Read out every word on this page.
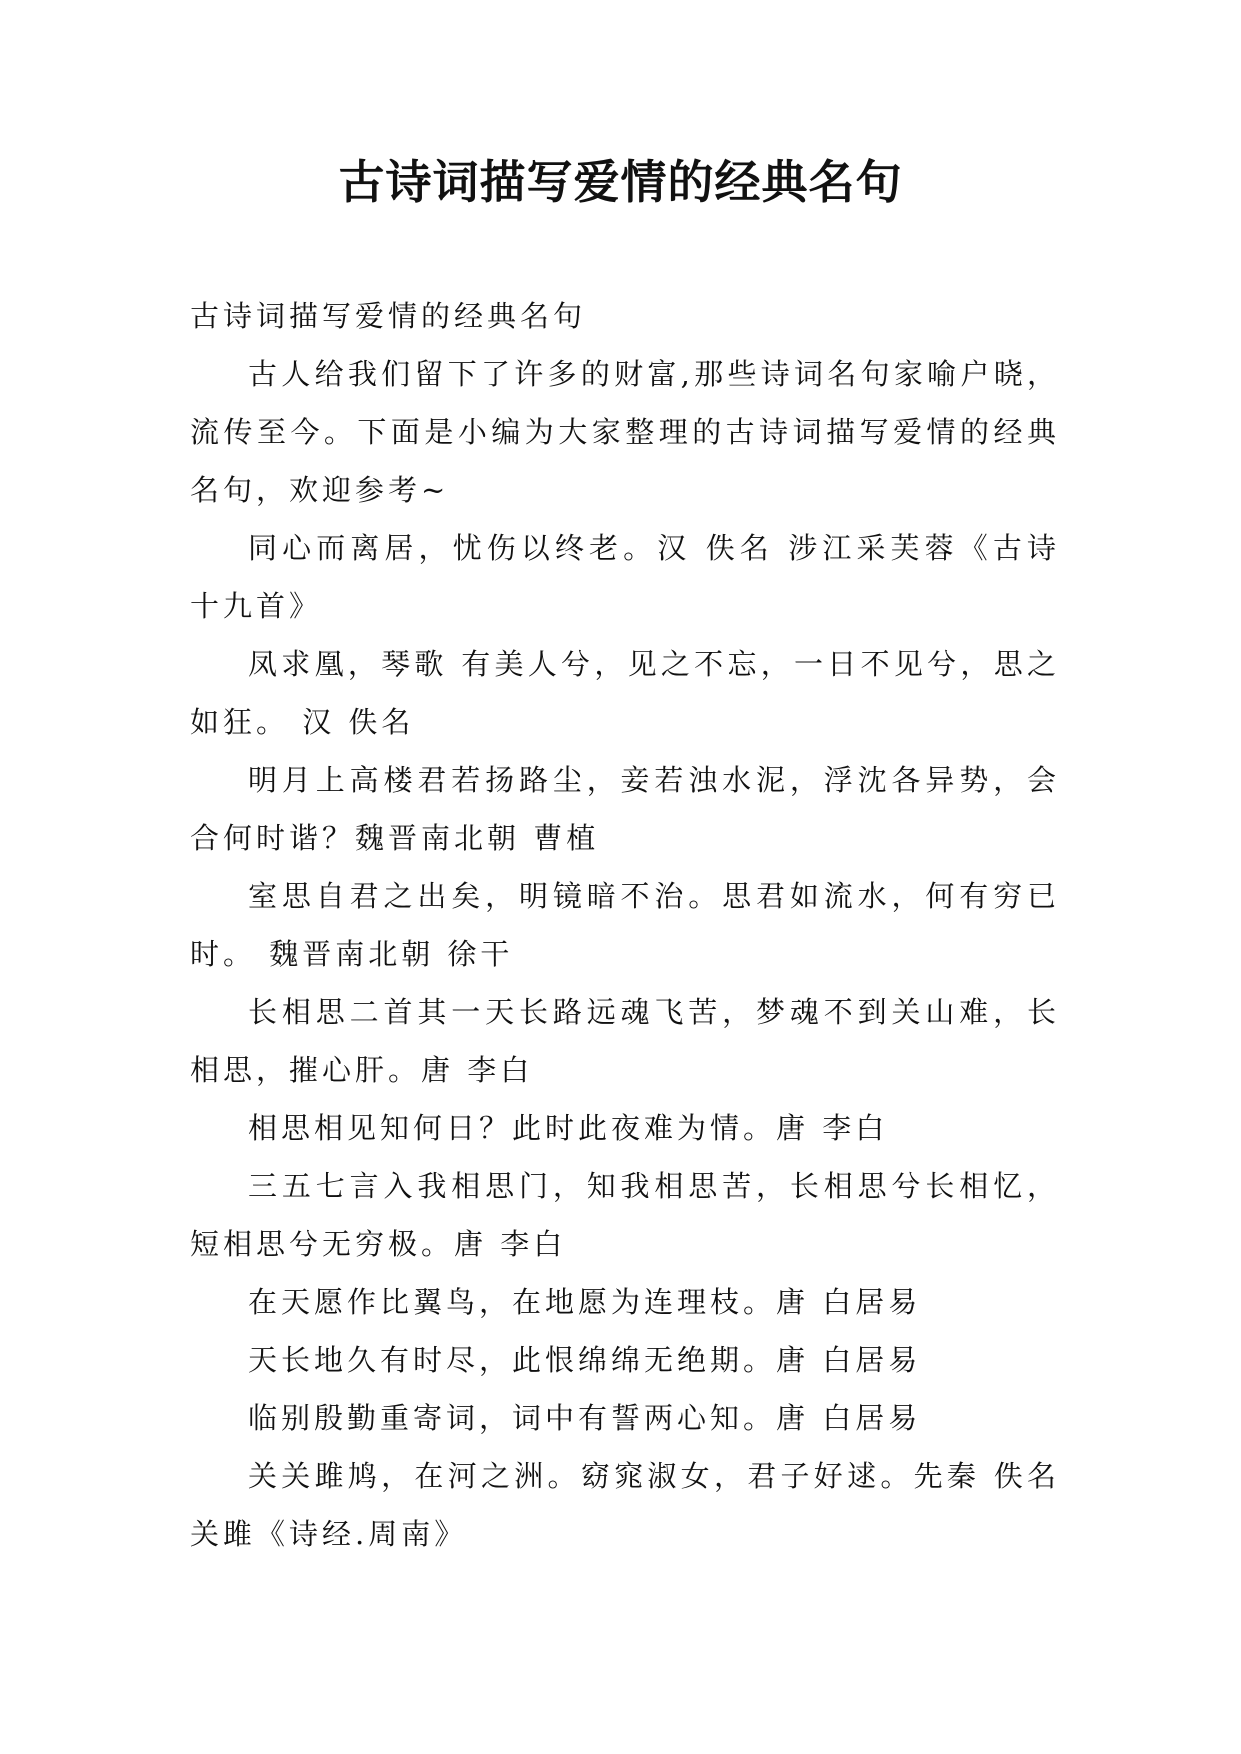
古诗词描写爱情的经典名句

古诗词描写爱情的经典名句

古人给我们留下了许多的财富,那些诗词名句家喻户晓，流传至今。下面是小编为大家整理的古诗词描写爱情的经典名句，欢迎参考~

同心而离居，忧伤以终老。汉 佚名 涉江采芙蓉《古诗十九首》

凤求凰，琴歌 有美人兮，见之不忘，一日不见兮，思之如狂。 汉 佚名

明月上高楼君若扬路尘，妾若浊水泥，浮沈各异势，会合何时谐？魏晋南北朝 曹植

室思自君之出矣，明镜暗不治。思君如流水，何有穷已时。 魏晋南北朝 徐干

长相思二首其一天长路远魂飞苦，梦魂不到关山难，长相思，摧心肝。唐 李白

相思相见知何日？此时此夜难为情。唐 李白

三五七言入我相思门，知我相思苦，长相思兮长相忆，短相思兮无穷极。唐 李白

在天愿作比翼鸟，在地愿为连理枝。唐 白居易

天长地久有时尽，此恨绵绵无绝期。唐 白居易

临别殷勤重寄词，词中有誓两心知。唐 白居易

关关雎鸠，在河之洲。窈窕淑女，君子好逑。先秦 佚名 关雎《诗经.周南》
